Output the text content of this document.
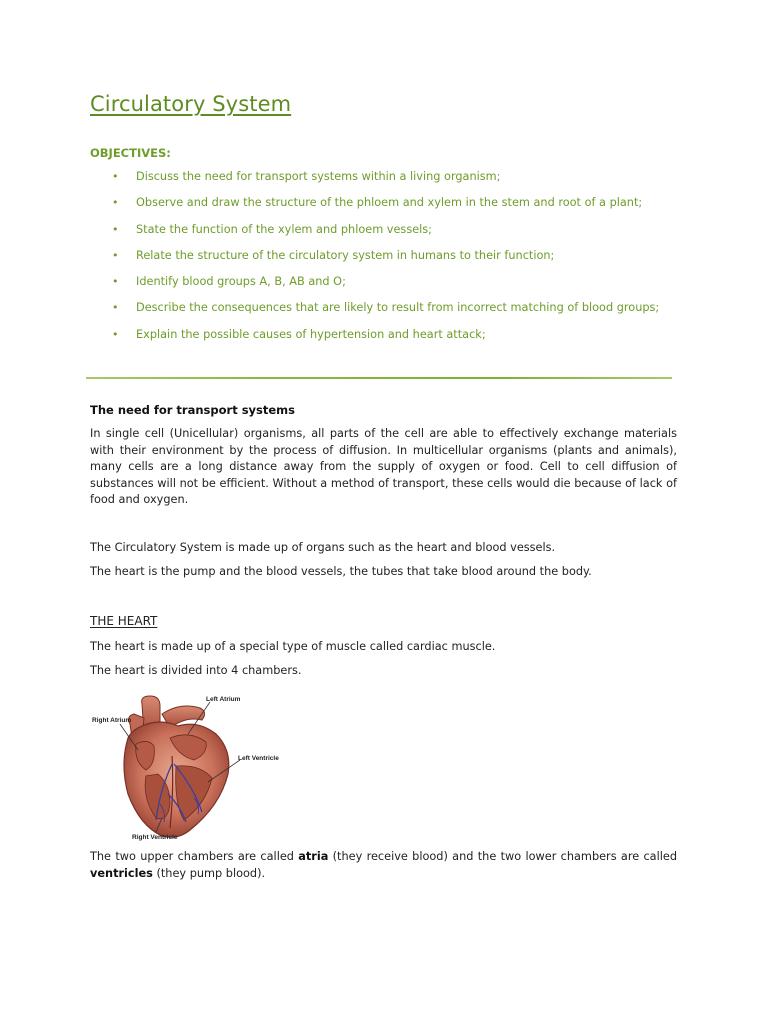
Circulatory System
OBJECTIVES:
• Discuss the need for transport systems within a living organism;
• Observe and draw the structure of the phloem and xylem in the stem and root of a plant;
• State the function of the xylem and phloem vessels;
• Relate the structure of the circulatory system in humans to their function;
• Identify blood groups A, B, AB and O;
• Describe the consequences that are likely to result from incorrect matching of blood groups;
• Explain the possible causes of hypertension and heart attack;
The need for transport systems
In single cell (Unicellular) organisms, all parts of the cell are able to effectively exchange materials with their environment by the process of diffusion. In multicellular organisms (plants and animals), many cells are a long distance away from the supply of oxygen or food. Cell to cell diffusion of substances will not be efficient. Without a method of transport, these cells would die because of lack of food and oxygen.
The Circulatory System is made up of organs such as the heart and blood vessels.
The heart is the pump and the blood vessels, the tubes that take blood around the body.
THE HEART
The heart is made up of a special type of muscle called cardiac muscle.
The heart is divided into 4 chambers.
Left Atrium
Right Atrium
Left Ventricle
Right Ventricle
The two upper chambers are called atria (they receive blood) and the two lower chambers are called ventricles (they pump blood).
